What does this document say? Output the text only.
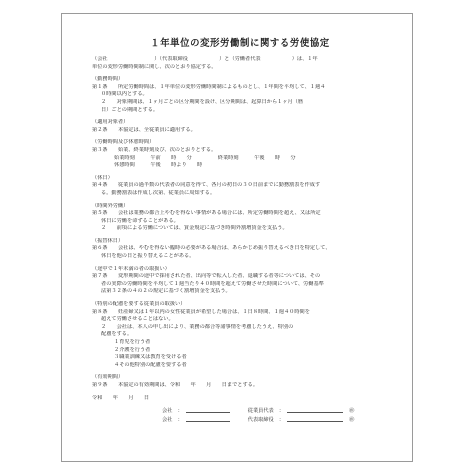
１年単位の変形労働制に関する労使協定
（会社　　　　　　　　　）（代表取締役　　　　　　）と（労働者代表　　　　　　）は、１年
単位の変形労働時間制に関し、次のとおり協定する。
（勤務時間）
第１条　　所定労働時間は、１年単位の変形労働時間制によるものとし、１年間を平均して、１週４
０時間以内とする。
２　　対象期間は、１ヶ月ごとの区分期間を設け、区分期間は、起算日から１ヶ月（暦
日）ごとの期間とする。
（適用対象者）
第２条　　本協定は、全従業員に適用する。
（労働時間及び休憩時間）
第３条　　始業、終業時刻及び、次のとおりとする。
始業時刻　　　午前　　時　　分　　　　　終業時刻　　　午後　　時　　分
休憩時間　　　午後　　時より　　時
（休日）
第４条　　従業員の過半数の代表者の同意を得て、各月の初日の３０日前までに勤務割表を作成す
る。勤務割表は作成し次第、従業員に周知する。
（時間外労働）
第５条　　会社は業務の都合上やむを得ない事情がある場合には、所定労働時間を超え、又は所定
休日に労働を命ずることがある。
２　　前項による労働については、賃金規定に基づき時間外割増賃金を支払う。
（振替休日）
第６条　　会社は、やむを得ない臨時の必要がある場合は、あらかじめ振り替えるべき日を特定して、
休日を他の日と振り替えることがある。
（途中で１年未満の者の取扱い）
第７条　　変形期間の途中で採用された者、出向等で転入した者、退職する者等については、その
者の実際の労働時間を平均して１週当たり４０時間を超えて労働させた時間について、労働基準
法第３２条の４の２の規定に基づく割増賃金を支払う。
（特別の配慮を要する従業員の取扱い）
第８条　　妊産婦又は１年以内の女性従業員が希望した場合は、１日８時間、１週４０時間を
超えて労働させることはない。
２　　会社は、本人の申し出により、業務の都合等諸事情を考慮したうえ、特別の
配慮をする。
１育児を行う者
２介護を行う者
３職業訓練又は教育を受ける者
４その他特別の配慮を要する者
（有効期間）
第９条　　本協定の有効期間は、令和　　年　　月　　日までとする。
令和　　年　　月　　日
会社 　：	従業員代表 　：	㊞
会社 　：	代表取締役 　：	㊞
